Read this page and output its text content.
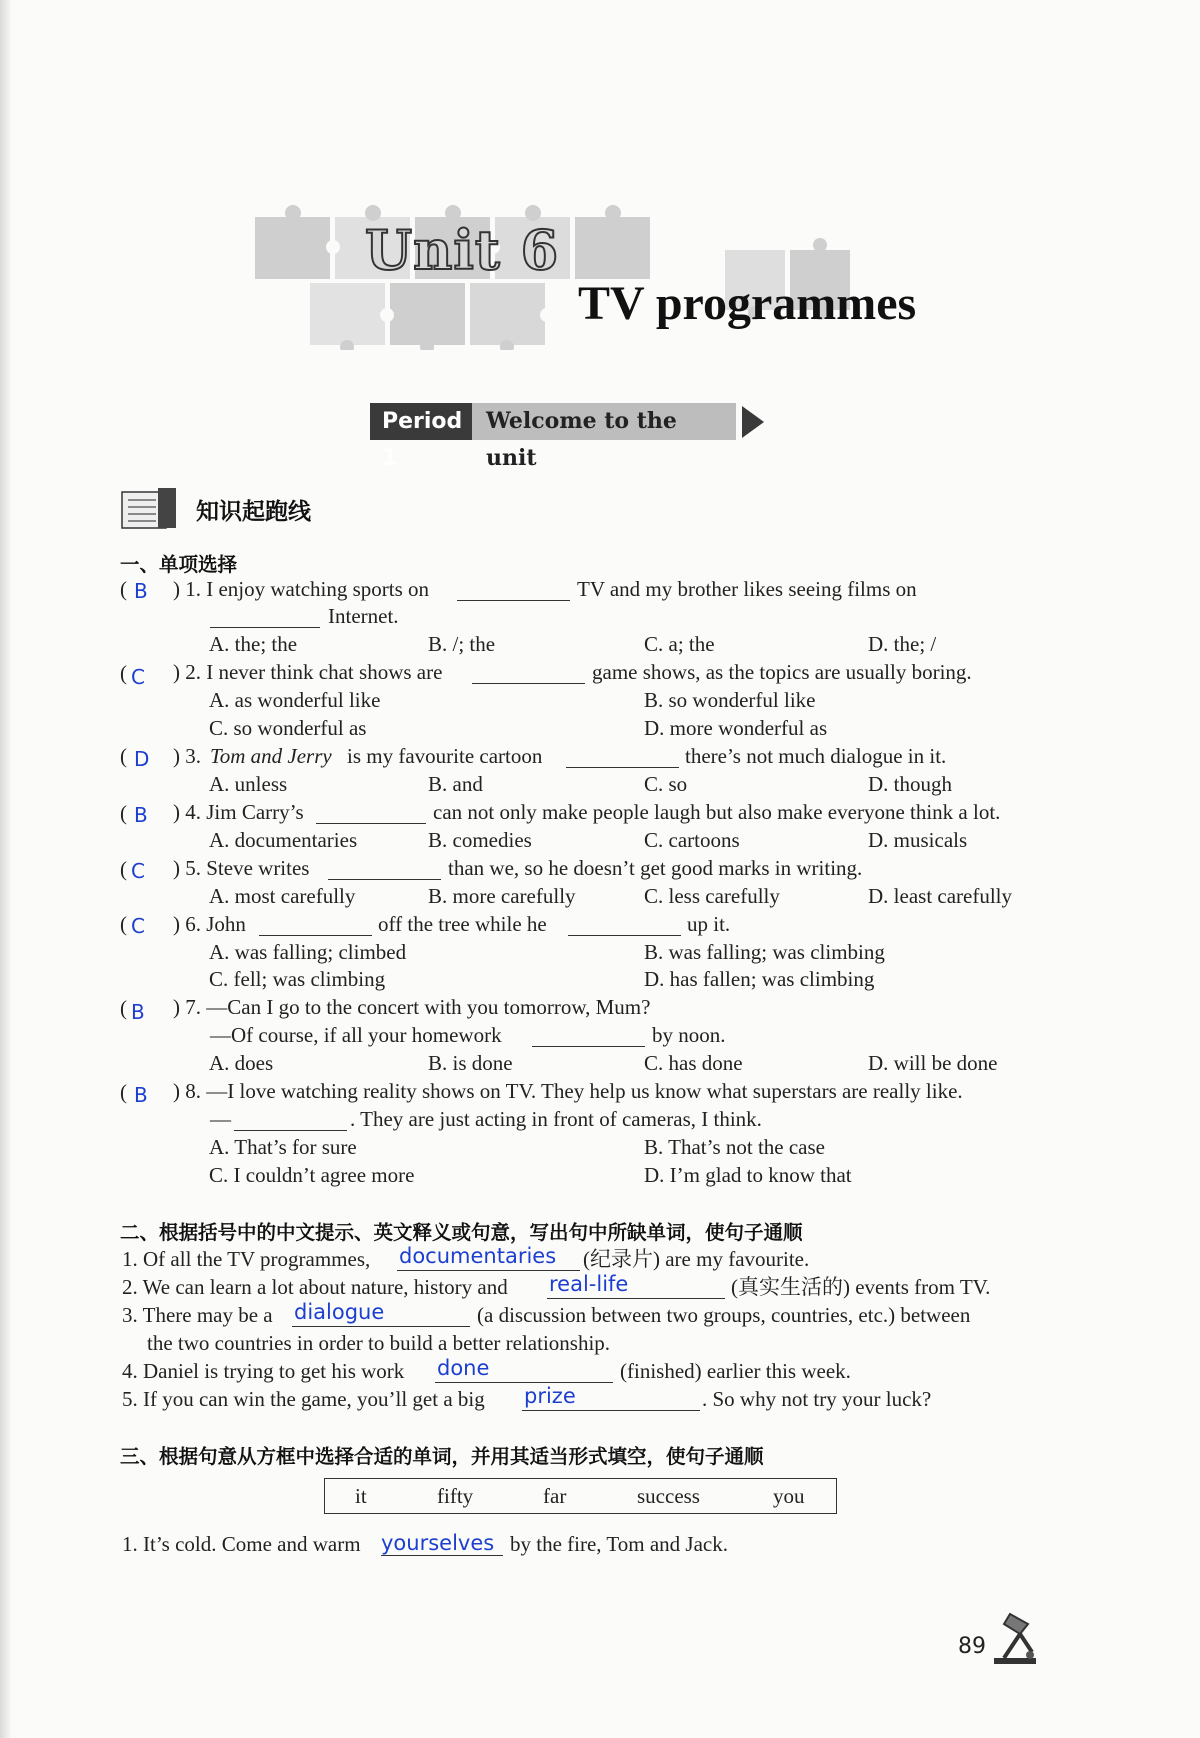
Unit 6
TV programmes
Period 1
Welcome to the unit
知识起跑线
一、单项选择
( B ) 1. I enjoy watching sports on	TV and my brother likes seeing films on
Internet.
A. the; the	B. /; the	C. a; the	D. the; /
( C ) 2. I never think chat shows are	game shows, as the topics are usually boring.
A. as wonderful like	B. so wonderful like
C. so wonderful as	D. more wonderful as
( D ) 3. Tom and Jerry is my favourite cartoon	there’s not much dialogue in it.
A. unless	B. and	C. so	D. though
( B ) 4. Jim Carry’s	can not only make people laugh but also make everyone think a lot.
A. documentaries	B. comedies	C. cartoons	D. musicals
( C ) 5. Steve writes	than we, so he doesn’t get good marks in writing.
A. most carefully	B. more carefully	C. less carefully	D. least carefully
( C ) 6. John	off the tree while he	up it.
A. was falling; climbed	B. was falling; was climbing
C. fell; was climbing	D. has fallen; was climbing
( B ) 7. —Can I go to the concert with you tomorrow, Mum?
—Of course, if all your homework	by noon.
A. does	B. is done	C. has done	D. will be done
( B ) 8. —I love watching reality shows on TV. They help us know what superstars are really like.
—	. They are just acting in front of cameras, I think.
A. That’s for sure	B. That’s not the case
C. I couldn’t agree more	D. I’m glad to know that
二、根据括号中的中文提示、英文释义或句意，写出句中所缺单词，使句子通顺
1. Of all the TV programmes, documentaries (纪录片) are my favourite.
2. We can learn a lot about nature, history and real-life	(真实生活的) events from TV.
3. There may be a dialogue	(a discussion between two groups, countries, etc.) between
the two countries in order to build a better relationship.
4. Daniel is trying to get his work done	(finished) earlier this week.
5. If you can win the game, you’ll get a big prize	. So why not try your luck?
三、根据句意从方框中选择合适的单词，并用其适当形式填空，使句子通顺
it	fifty	far	success	you
1. It’s cold. Come and warm yourselves by the fire, Tom and Jack.
89
